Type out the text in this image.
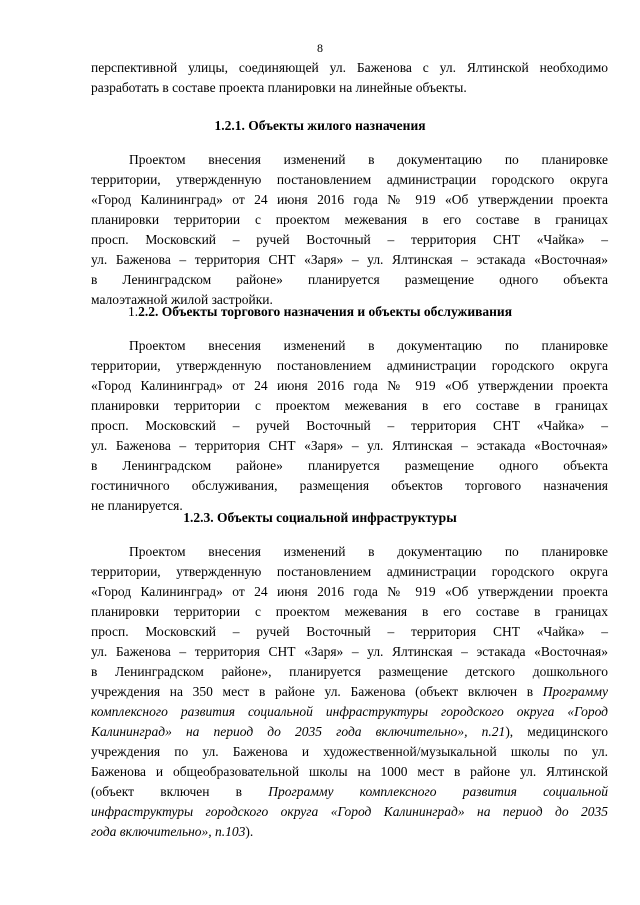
8
перспективной улицы, соединяющей ул. Баженова с ул. Ялтинской необходимо
разработать в составе проекта планировки на линейные объекты.
1.2.1. Объекты жилого назначения
Проектом внесения изменений в документацию по планировке
территории, утвержденную постановлением администрации городского округа
«Город Калининград» от 24 июня 2016 года № 919 «Об утверждении проекта
планировки территории с проектом межевания в его составе в границах
просп. Московский – ручей Восточный – территория СНТ «Чайка» –
ул. Баженова – территория СНТ «Заря» – ул. Ялтинская – эстакада «Восточная»
в Ленинградском районе» планируется размещение одного объекта
малоэтажной жилой застройки.
1.2.2. Объекты торгового назначения и объекты обслуживания
Проектом внесения изменений в документацию по планировке
территории, утвержденную постановлением администрации городского округа
«Город Калининград» от 24 июня 2016 года № 919 «Об утверждении проекта
планировки территории с проектом межевания в его составе в границах
просп. Московский – ручей Восточный – территория СНТ «Чайка» –
ул. Баженова – территория СНТ «Заря» – ул. Ялтинская – эстакада «Восточная»
в Ленинградском районе» планируется размещение одного объекта
гостиничного обслуживания, размещения объектов торгового назначения
не планируется.
1.2.3. Объекты социальной инфраструктуры
Проектом внесения изменений в документацию по планировке
территории, утвержденную постановлением администрации городского округа
«Город Калининград» от 24 июня 2016 года № 919 «Об утверждении проекта
планировки территории с проектом межевания в его составе в границах
просп. Московский – ручей Восточный – территория СНТ «Чайка» –
ул. Баженова – территория СНТ «Заря» – ул. Ялтинская – эстакада «Восточная»
в Ленинградском районе», планируется размещение детского дошкольного
учреждения на 350 мест в районе ул. Баженова (объект включен в Программу
комплексного развития социальной инфраструктуры городского округа «Город
Калининград» на период до 2035 года включительно», п.21), медицинского
учреждения по ул. Баженова и художественной/музыкальной школы по ул.
Баженова и общеобразовательной школы на 1000 мест в районе ул. Ялтинской
(объект включен в Программу комплексного развития социальной
инфраструктуры городского округа «Город Калининград» на период до 2035
года включительно», п.103).
